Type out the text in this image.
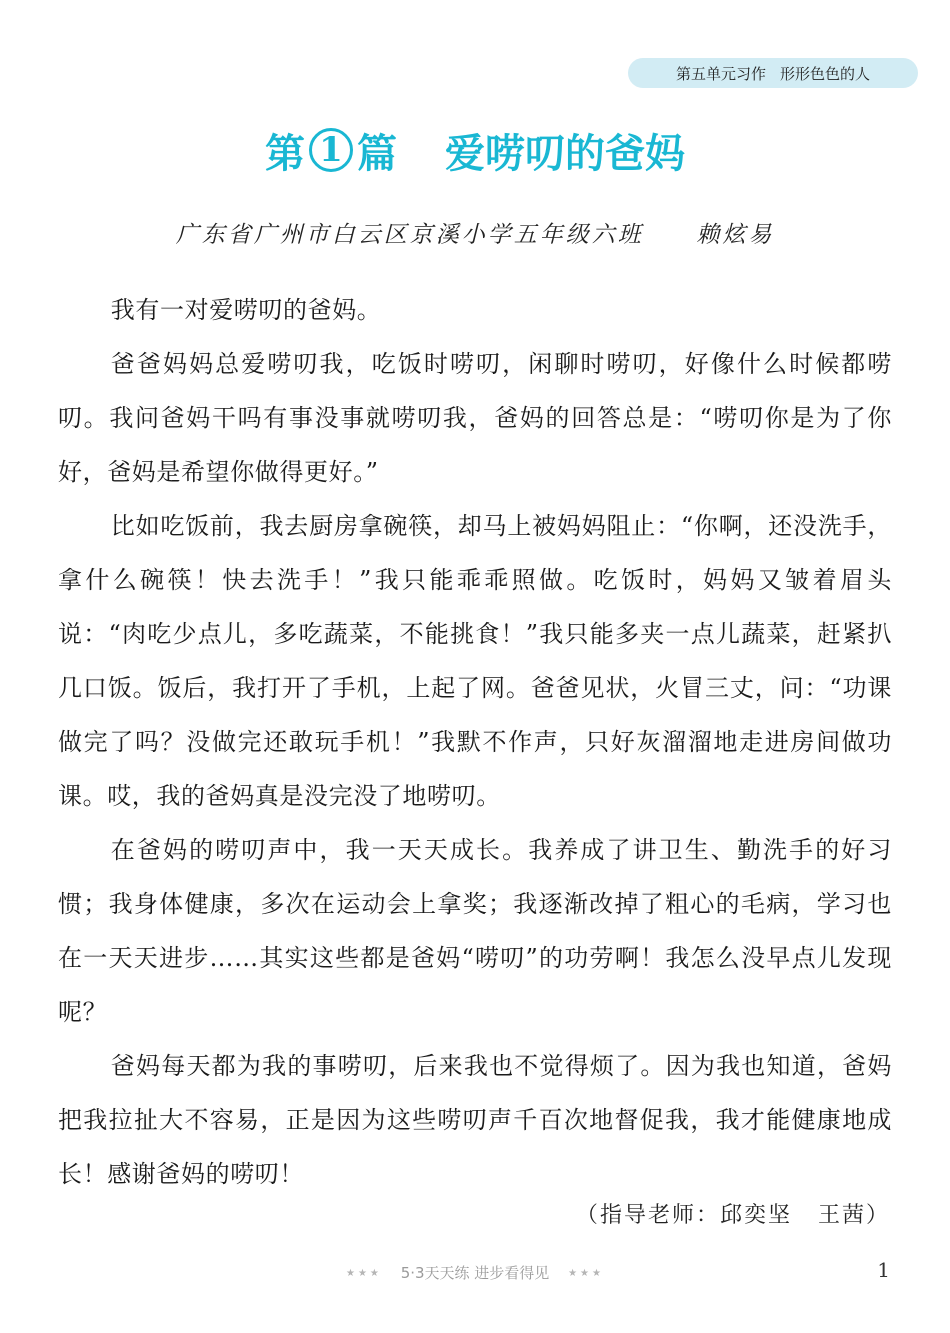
第五单元习作 形形色色的人
第 1 篇 爱唠叨的爸妈
广东省广州市白云区京溪小学五年级六班 赖炫易

我有一对爱唠叨的爸妈。

爸爸妈妈总爱唠叨我，吃饭时唠叨，闲聊时唠叨，好像什么时候都唠叨。我问爸妈干吗有事没事就唠叨我，爸妈的回答总是：“唠叨你是为了你好，爸妈是希望你做得更好。”

比如吃饭前，我去厨房拿碗筷，却马上被妈妈阻止：“你啊，还没洗手，拿什么碗筷！快去洗手！”我只能乖乖照做。吃饭时，妈妈又皱着眉头说：“肉吃少点儿，多吃蔬菜，不能挑食！”我只能多夹一点儿蔬菜，赶紧扒几口饭。饭后，我打开了手机，上起了网。爸爸见状，火冒三丈，问：“功课做完了吗？没做完还敢玩手机！”我默不作声，只好灰溜溜地走进房间做功课。哎，我的爸妈真是没完没了地唠叨。

在爸妈的唠叨声中，我一天天成长。我养成了讲卫生、勤洗手的好习惯；我身体健康，多次在运动会上拿奖；我逐渐改掉了粗心的毛病，学习也在一天天进步……其实这些都是爸妈“唠叨”的功劳啊！我怎么没早点儿发现呢？

爸妈每天都为我的事唠叨，后来我也不觉得烦了。因为我也知道，爸妈把我拉扯大不容易，正是因为这些唠叨声千百次地督促我，我才能健康地成长！感谢爸妈的唠叨！

（指导老师：邱奕坚 王茜）
★★★ 5·3天天练 进步看得见 ★★★	1
